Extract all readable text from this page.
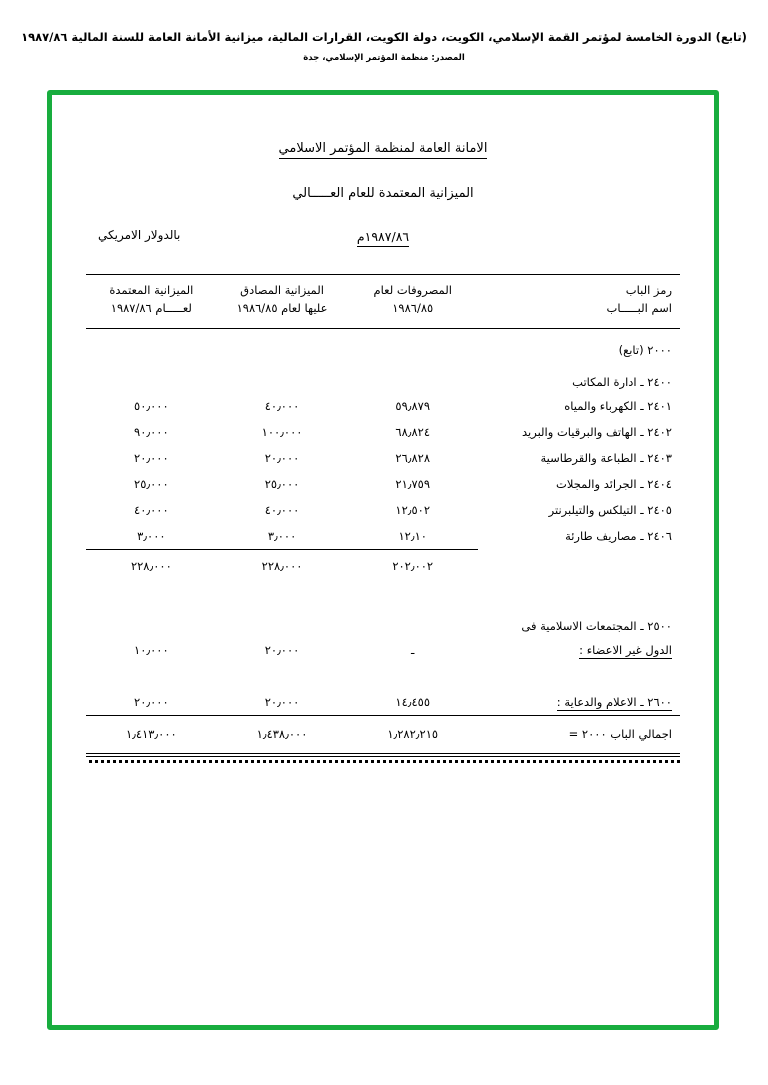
(تابع) الدورة الخامسة لمؤتمر القمة الإسلامي، الكويت، دولة الكويت، القرارات المالية، ميزانية الأمانة العامة للسنة المالية ١٩٨٧/٨٦
المصدر: منظمة المؤتمر الإسلامي، جدة
الامانة العامة لمنظمة المؤتمر الاسلامي
الميزانية المعتمدة للعام العـــــالي
١٩٨٧/٨٦م
بالدولار الامريكي
رمز الباب
اسم البـــــاب

المصروفات لعام
١٩٨٦/٨٥

الميزانية المصادق
عليها لعام ١٩٨٦/٨٥

الميزانية المعتمدة
لعـــــام ١٩٨٧/٨٦

٢٠٠٠ (تابع)			
٢٤٠٠ ـ ادارة المكاتب			
٢٤٠١ ـ الكهرباء والمياه	٥٩٫٨٧٩	٤٠٫٠٠٠	٥٠٫٠٠٠
٢٤٠٢ ـ الهاتف والبرقيات والبريد	٦٨٫٨٢٤	١٠٠٫٠٠٠	٩٠٫٠٠٠
٢٤٠٣ ـ الطباعة والقرطاسية	٢٦٫٨٢٨	٢٠٫٠٠٠	٢٠٫٠٠٠
٢٤٠٤ ـ الجرائد والمجلات	٢١٫٧٥٩	٢٥٫٠٠٠	٢٥٫٠٠٠
٢٤٠٥ ـ التيلكس والتيلبرنتر	١٢٫٥٠٢	٤٠٫٠٠٠	٤٠٫٠٠٠
٢٤٠٦ ـ مصاريف طارئة	١٢٫١٠	٣٫٠٠٠	٣٫٠٠٠

	٢٠٢٫٠٠٢	٢٢٨٫٠٠٠	٢٢٨٫٠٠٠

٢٥٠٠ ـ المجتمعات الاسلامية فى			
الدول غير الاعضاء :	ـ	٢٠٫٠٠٠	١٠٫٠٠٠

٢٦٠٠ ـ الاعلام والدعاية :	١٤٫٤٥٥	٢٠٫٠٠٠	٢٠٫٠٠٠
اجمالي الباب ٢٠٠٠ =	١٫٢٨٢٫٢١٥	١٫٤٣٨٫٠٠٠	١٫٤١٣٫٠٠٠
